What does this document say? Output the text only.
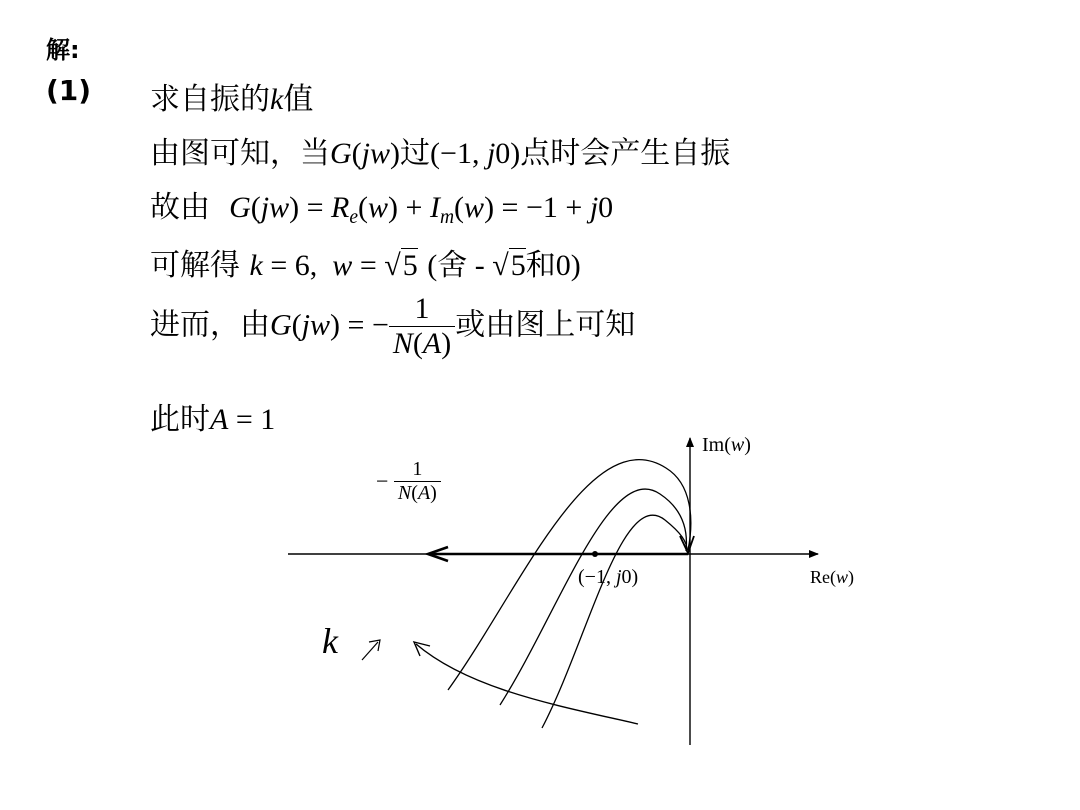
解:
(1) 求自振的k值
由图可知，当G(jw)过(−1, j0)点时会产生自振
故由 $G(jw) = R_e(w) + I_m(w) = -1 + j0$
可解得 k = 6,  w = √5 (舍 - √5和0)
进而，由G(jw) = − $\frac{1}{N(A)}$ 或由图上可知
此时A = 1
Im(w)
Re(w)
(−1, j0)
− $\frac{1}{N(A)}$
k
